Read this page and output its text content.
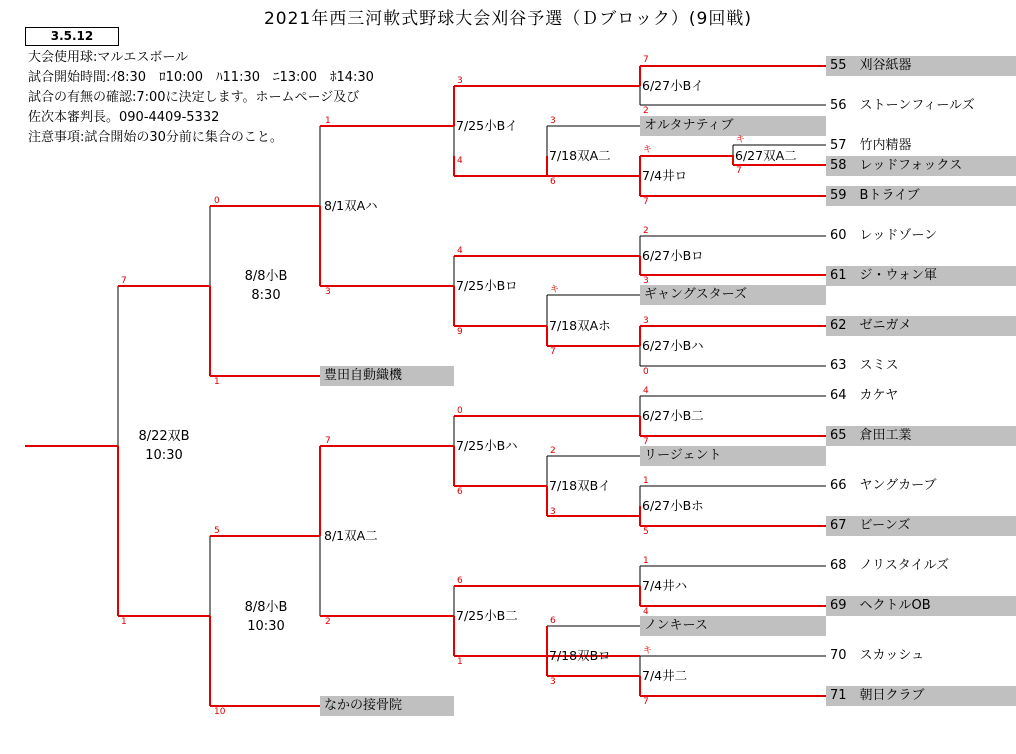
2021年西三河軟式野球大会刈谷予選（Ｄブロック）(9回戦)
3.5.12
大会使用球:マルエスボール
試合開始時間:ｲ8:30　ﾛ10:00　ﾊ11:30　ﾆ13:00　ﾎ14:30
試合の有無の確認:7:00に決定します。ホームページ及び
佐次本審判長。090-4409-5332
注意事項:試合開始の30分前に集合のこと。
55　刈谷紙器
56　ストーンフィールズ
57　竹内精器
58　レッドフォックス
59　Bトライブ
60　レッドゾーン
61　ジ・ウォン軍
62　ゼニガメ
63　スミス
64　カケヤ
65　倉田工業
66　ヤングカーブ
67　ビーンズ
68　ノリスタイルズ
69　ヘクトルOB
70　スカッシュ
71　朝日クラブ
オルタナティブ
ギャングスターズ
リージェント
ノンキース
豊田自動織機
なかの接骨院
6/27小Bイ
6/27双A二
7/4井ロ
6/27小Bロ
6/27小Bハ
6/27小B二
6/27小Bホ
7/4井ハ
7/4井二
7/18双A二
7/18双Aホ
7/18双Bイ
7/18双Bロ
7/25小Bイ
7/25小Bロ
7/25小Bハ
7/25小B二
8/1双Aハ
8/1双A二
8/8小B
8:30
8/8小B
10:30
8/22双B
10:30
7
2
キ
7
キ
7
2
3
3
0
4
7
1
5
1
4
キ
7
3
4
6
4
9
キ
7
0
6
2
3
6
1
6
3
3
1
3
7
2
0
1
5
10
7
1
